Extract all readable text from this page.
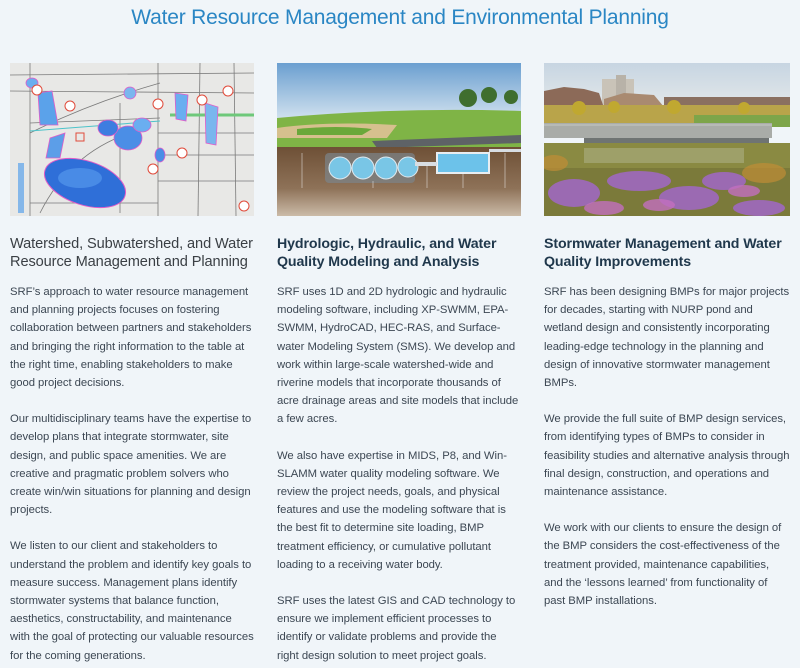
Water Resource Management and Environmental Planning
Watershed, Subwatershed, and Water Resource Management and Planning

SRF’s approach to water resource management and planning projects focuses on fostering collaboration between partners and stakeholders and bringing the right information to the table at the right time, enabling stakeholders to make good project decisions.

Our multidisciplinary teams have the expertise to develop plans that integrate stormwater, site design, and public space amenities. We are creative and pragmatic problem solvers who create win/win situations for planning and design projects.

We listen to our client and stakeholders to understand the problem and identify key goals to measure success. Management plans identify stormwater systems that balance function, aesthetics, constructability, and maintenance with the goal of protecting our valuable resources for the coming generations.

Hydrologic, Hydraulic, and Water Quality Modeling and Analysis

SRF uses 1D and 2D hydrologic and hydraulic modeling software, including XP-SWMM, EPA-SWMM, HydroCAD, HEC-RAS, and Surface-water Modeling System (SMS). We develop and work within large-scale watershed-wide and riverine models that incorporate thousands of acre drainage areas and site models that include a few acres.

We also have expertise in MIDS, P8, and Win-SLAMM water quality modeling software. We review the project needs, goals, and physical features and use the modeling software that is the best fit to determine site loading, BMP treatment efficiency, or cumulative pollutant loading to a receiving water body.

SRF uses the latest GIS and CAD technology to ensure we implement efficient processes to identify or validate problems and provide the right design solution to meet project goals.

Stormwater Management and Water Quality Improvements

SRF has been designing BMPs for major projects for decades, starting with NURP pond and wetland design and consistently incorporating leading-edge technology in the planning and design of innovative stormwater management BMPs.

We provide the full suite of BMP design services, from identifying types of BMPs to consider in feasibility studies and alternative analysis through final design, construction, and operations and maintenance assistance.

We work with our clients to ensure the design of the BMP considers the cost-effectiveness of the treatment provided, maintenance capabilities, and the ‘lessons learned’ from functionality of past BMP installations.
